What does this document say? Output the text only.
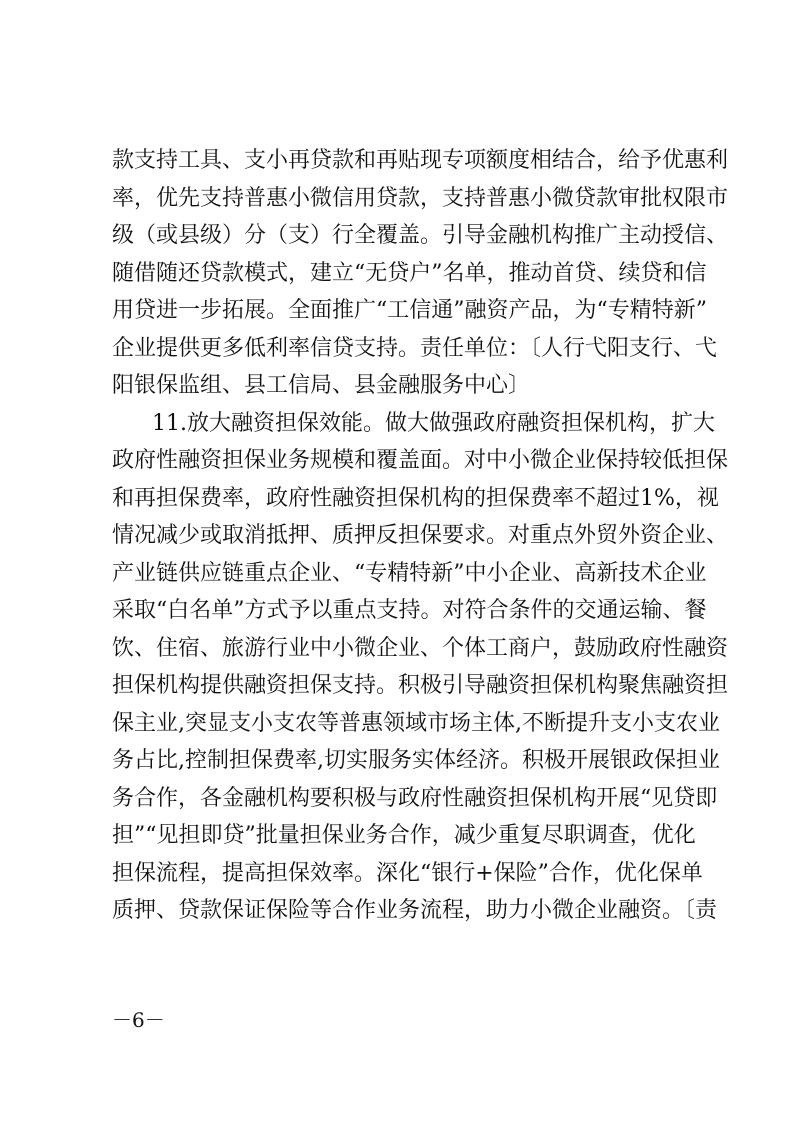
款支持工具、支小再贷款和再贴现专项额度相结合，给予优惠利
率，优先支持普惠小微信用贷款，支持普惠小微贷款审批权限市
级（或县级）分（支）行全覆盖。引导金融机构推广主动授信、
随借随还贷款模式，建立“无贷户”名单，推动首贷、续贷和信
用贷进一步拓展。全面推广“工信通”融资产品，为“专精特新”
企业提供更多低利率信贷支持。责任单位：〔人行弋阳支行、弋
阳银保监组、县工信局、县金融服务中心〕
11.放大融资担保效能。做大做强政府融资担保机构，扩大
政府性融资担保业务规模和覆盖面。对中小微企业保持较低担保
和再担保费率，政府性融资担保机构的担保费率不超过1%，视
情况减少或取消抵押、质押反担保要求。对重点外贸外资企业、
产业链供应链重点企业、“专精特新”中小企业、高新技术企业
采取“白名单”方式予以重点支持。对符合条件的交通运输、餐
饮、住宿、旅游行业中小微企业、个体工商户，鼓励政府性融资
担保机构提供融资担保支持。积极引导融资担保机构聚焦融资担
保主业,突显支小支农等普惠领域市场主体,不断提升支小支农业
务占比,控制担保费率,切实服务实体经济。积极开展银政保担业
务合作，各金融机构要积极与政府性融资担保机构开展“见贷即
担”“见担即贷”批量担保业务合作，减少重复尽职调查，优化
担保流程，提高担保效率。深化“银行+保险”合作，优化保单
质押、贷款保证保险等合作业务流程，助力小微企业融资。〔责
－6－
